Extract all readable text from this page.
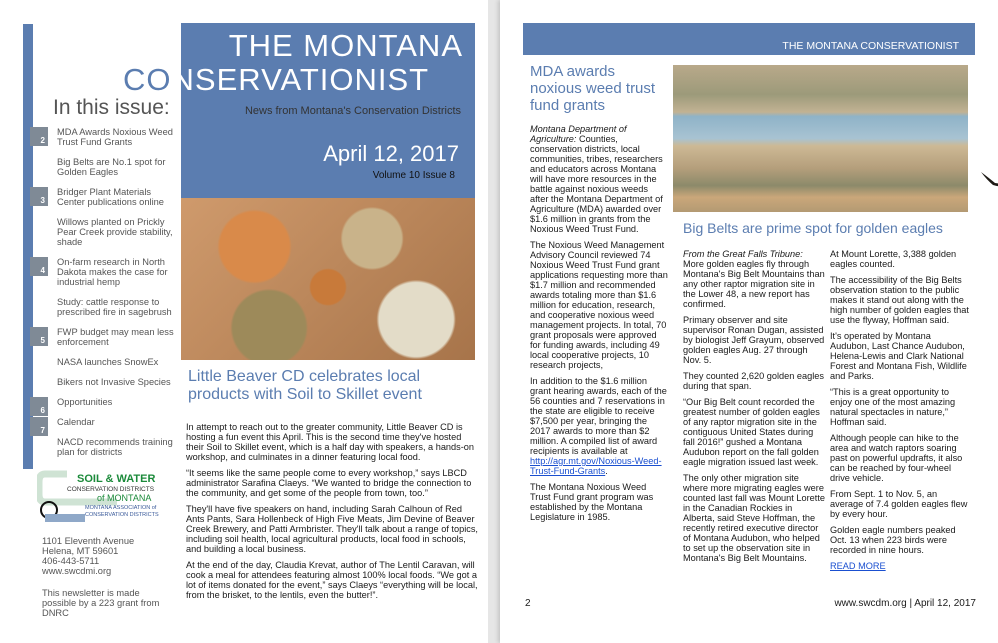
THE MONTANA
News from Montana's Conservation Districts
April 12, 2017
Volume 10 Issue 8
CONSERVATIONIST
Little Beaver CD celebrates local products with Soil to Skillet event

In attempt to reach out to the greater community, Little Beaver CD is hosting a fun event this April. This is the second time they've hosted their Soil to Skillet event, which is a half day with speakers, a hands-on workshop, and culminates in a dinner featuring local food.

“It seems like the same people come to every workshop,” says LBCD administrator Sarafina Claeys. “We wanted to bridge the connection to the community, and get some of the people from town, too.”

They'll have five speakers on hand, including Sarah Calhoun of Red Ants Pants, Sara Hollenbeck of High Five Meats, Jim Devine of Beaver Creek Brewery, and Patti Armbrister. They'll talk about a range of topics, including soil health, local agricultural products, local food in schools, and building a local business.

At the end of the day, Claudia Krevat, author of The Lentil Caravan, will cook a meal for attendees featuring almost 100% local foods. “We got a lot of items donated for the event,” says Claeys “everything will be local, from the brisket, to the lentils, even the butter!”.

In this issue:
2
MDA Awards Noxious Weed Trust Fund Grants
Big Belts are No.1 spot for Golden Eagles
3
Bridger Plant Materials Center publications online
Willows planted on Prickly Pear Creek provide stability, shade
4
On-farm research in North Dakota makes the case for industrial hemp
Study: cattle response to prescribed fire in sagebrush
5
FWP budget may mean less enforcement
NASA launches SnowEx
Bikers not Invasive Species
6
Opportunities
7
Calendar
NACD recommends training plan for districts
SOIL & WATER
CONSERVATION DISTRICTS
of MONTANA
MONTANA ASSOCIATION of
CONSERVATION DISTRICTS
1101 Eleventh Avenue
Helena, MT 59601
406-443-5711
www.swcdmi.org
This newsletter is made possible by a 223 grant from DNRC
THE MONTANA CONSERVATIONIST
MDA awards noxious weed trust fund grants

Montana Department of Agriculture: Counties, conservation districts, local communities, tribes, researchers and educators across Montana will have more resources in the battle against noxious weeds after the Montana Department of Agriculture (MDA) awarded over $1.6 million in grants from the Noxious Weed Trust Fund.

The Noxious Weed Management Advisory Council reviewed 74 Noxious Weed Trust Fund grant applications requesting more than $1.7 million and recommended awards totaling more than $1.6 million for education, research, and cooperative noxious weed management projects. In total, 70 grant proposals were approved for funding awards, including 49 local cooperative projects, 10 research projects,

In addition to the $1.6 million grant hearing awards, each of the 56 counties and 7 reservations in the state are eligible to receive $7,500 per year, bringing the 2017 awards to more than $2 million. A compiled list of award recipients is available at http://agr.mt.gov/Noxious-Weed-Trust-Fund-Grants.

The Montana Noxious Weed Trust Fund grant program was established by the Montana Legislature in 1985.

Big Belts are prime spot for golden eagles

From the Great Falls Tribune: More golden eagles fly through Montana's Big Belt Mountains than any other raptor migration site in the Lower 48, a new report has confirmed.

Primary observer and site supervisor Ronan Dugan, assisted by biologist Jeff Grayum, observed golden eagles Aug. 27 through Nov. 5.

They counted 2,620 golden eagles during that span.

“Our Big Belt count recorded the greatest number of golden eagles of any raptor migration site in the contiguous United States during fall 2016!” gushed a Montana Audubon report on the fall golden eagle migration issued last week.

The only other migration site where more migrating eagles were counted last fall was Mount Lorette in the Canadian Rockies in Alberta, said Steve Hoffman, the recently retired executive director of Montana Audubon, who helped to set up the observation site in Montana's Big Belt Mountains.

At Mount Lorette, 3,388 golden eagles counted.

The accessibility of the Big Belts observation station to the public makes it stand out along with the high number of golden eagles that use the flyway, Hoffman said.

It's operated by Montana Audubon, Last Chance Audubon, Helena-Lewis and Clark National Forest and Montana Fish, Wildlife and Parks.

“This is a great opportunity to enjoy one of the most amazing natural spectacles in nature,” Hoffman said.

Although people can hike to the area and watch raptors soaring past on powerful updrafts, it also can be reached by four-wheel drive vehicle.

From Sept. 1 to Nov. 5, an average of 7.4 golden eagles flew by every hour.

Golden eagle numbers peaked Oct. 13 when 223 birds were recorded in nine hours.

READ MORE
2	www.swcdm.org | April 12, 2017
